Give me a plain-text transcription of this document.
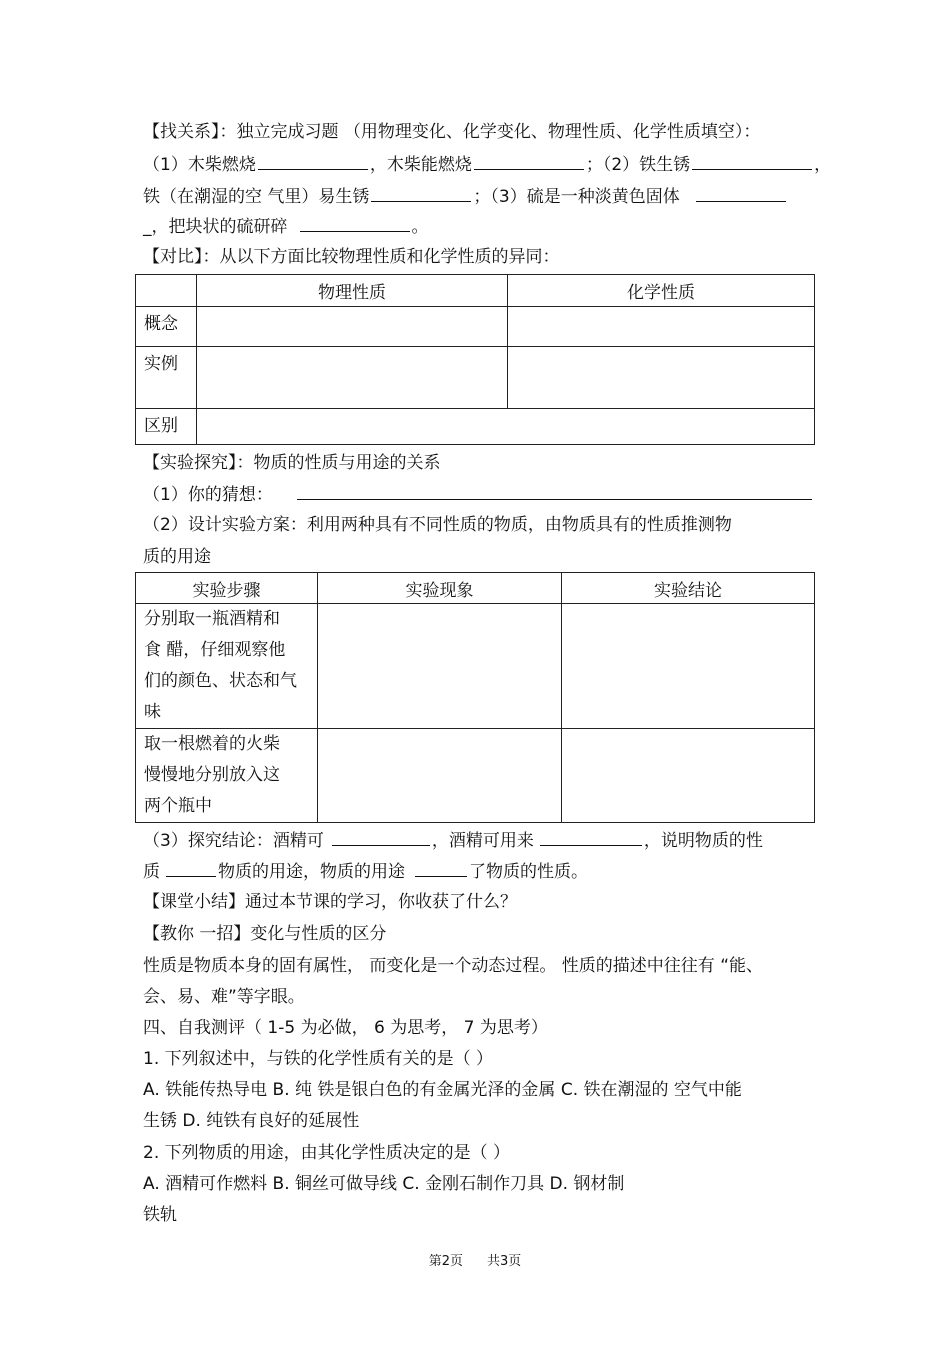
【找关系】：独立完成习题 （用物理变化、化学变化、物理性质、化学性质填空）：
（1）木柴燃烧	，木柴能燃烧	；（2）铁生锈	，
铁（在潮湿的空 气里）易生锈	；（3）硫是一种淡黄色固体
_，把块状的硫研碎	。
【对比】：从以下方面比较物理性质和化学性质的异同：
	物理性质	化学性质
概念		
实例		
区别		
【实验探究】：物质的性质与用途的关系
（1）你的猜想：
（2）设计实验方案：利用两种具有不同性质的物质，由物质具有的性质推测物
质的用途
实验步骤	实验现象	实验结论

分别取一瓶酒精和
食 醋，仔细观察他
们的颜色、状态和气
味		

取一根燃着的火柴
慢慢地分别放入这
两个瓶中		

（3）探究结论：酒精可	，酒精可用来	，说明物质的性
质	物质的用途，物质的用途	了物质的性质。
【课堂小结】通过本节课的学习，你收获了什么？
【教你 一招】变化与性质的区分
性质是物质本身的固有属性， 而变化是一个动态过程。 性质的描述中往往有 “能、
会、易、难”等字眼。
四、自我测评（ 1-5 为必做， 6 为思考， 7 为思考）
1. 下列叙述中，与铁的化学性质有关的是（ ）
A. 铁能传热导电 B. 纯 铁是银白色的有金属光泽的金属 C. 铁在潮湿的 空气中能
生锈 D. 纯铁有良好的延展性
2. 下列物质的用途，由其化学性质决定的是（ ）
A. 酒精可作燃料 B. 铜丝可做导线 C. 金刚石制作刀具 D. 钢材制
铁轨
第2页 共3页
